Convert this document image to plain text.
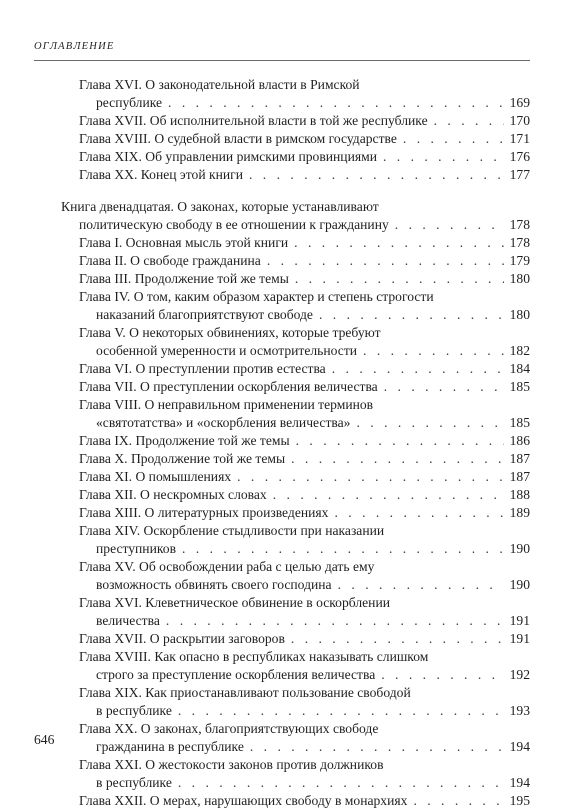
ОГЛАВЛЕНИЕ
Глава XVI. О законодательной власти в Римской
республике . . .	169
Глава XVII. Об исполнительной власти в той же республике . . .	170
Глава XVIII. О судебной власти в римском государстве . . .	171
Глава XIX. Об управлении римскими провинциями . . .	176
Глава XX. Конец этой книги . . .	177
Книга двенадцатая. О законах, которые устанавливают
политическую свободу в ее отношении к гражданину . . .	178
Глава I. Основная мысль этой книги . . .	178
Глава II. О свободе гражданина . . .	179
Глава III. Продолжение той же темы . . .	180
Глава IV. О том, каким образом характер и степень строгости
наказаний благоприятствуют свободе . . .	180
Глава V. О некоторых обвинениях, которые требуют
особенной умеренности и осмотрительности . . .	182
Глава VI. О преступлении против естества . . .	184
Глава VII. О преступлении оскорбления величества . . .	185
Глава VIII. О неправильном применении терминов
«святотатства» и «оскорбления величества» . . .	185
Глава IX. Продолжение той же темы . . .	186
Глава X. Продолжение той же темы . . .	187
Глава XI. О помышлениях . . .	187
Глава XII. О нескромных словах . . .	188
Глава XIII. О литературных произведениях . . .	189
Глава XIV. Оскорбление стыдливости при наказании
преступников . . .	190
Глава XV. Об освобождении раба с целью дать ему
возможность обвинять своего господина . . .	190
Глава XVI. Клеветническое обвинение в оскорблении
величества . . .	191
Глава XVII. О раскрытии заговоров . . .	191
Глава XVIII. Как опасно в республиках наказывать слишком
строго за преступление оскорбления величества . . .	192
Глава XIX. Как приостанавливают пользование свободой
в республике . . .	193
Глава XX. О законах, благоприятствующих свободе
гражданина в республике . . .	194
Глава XXI. О жестокости законов против должников
в республике . . .	194
Глава XXII. О мерах, нарушающих свободу в монархиях . . .	195
646
